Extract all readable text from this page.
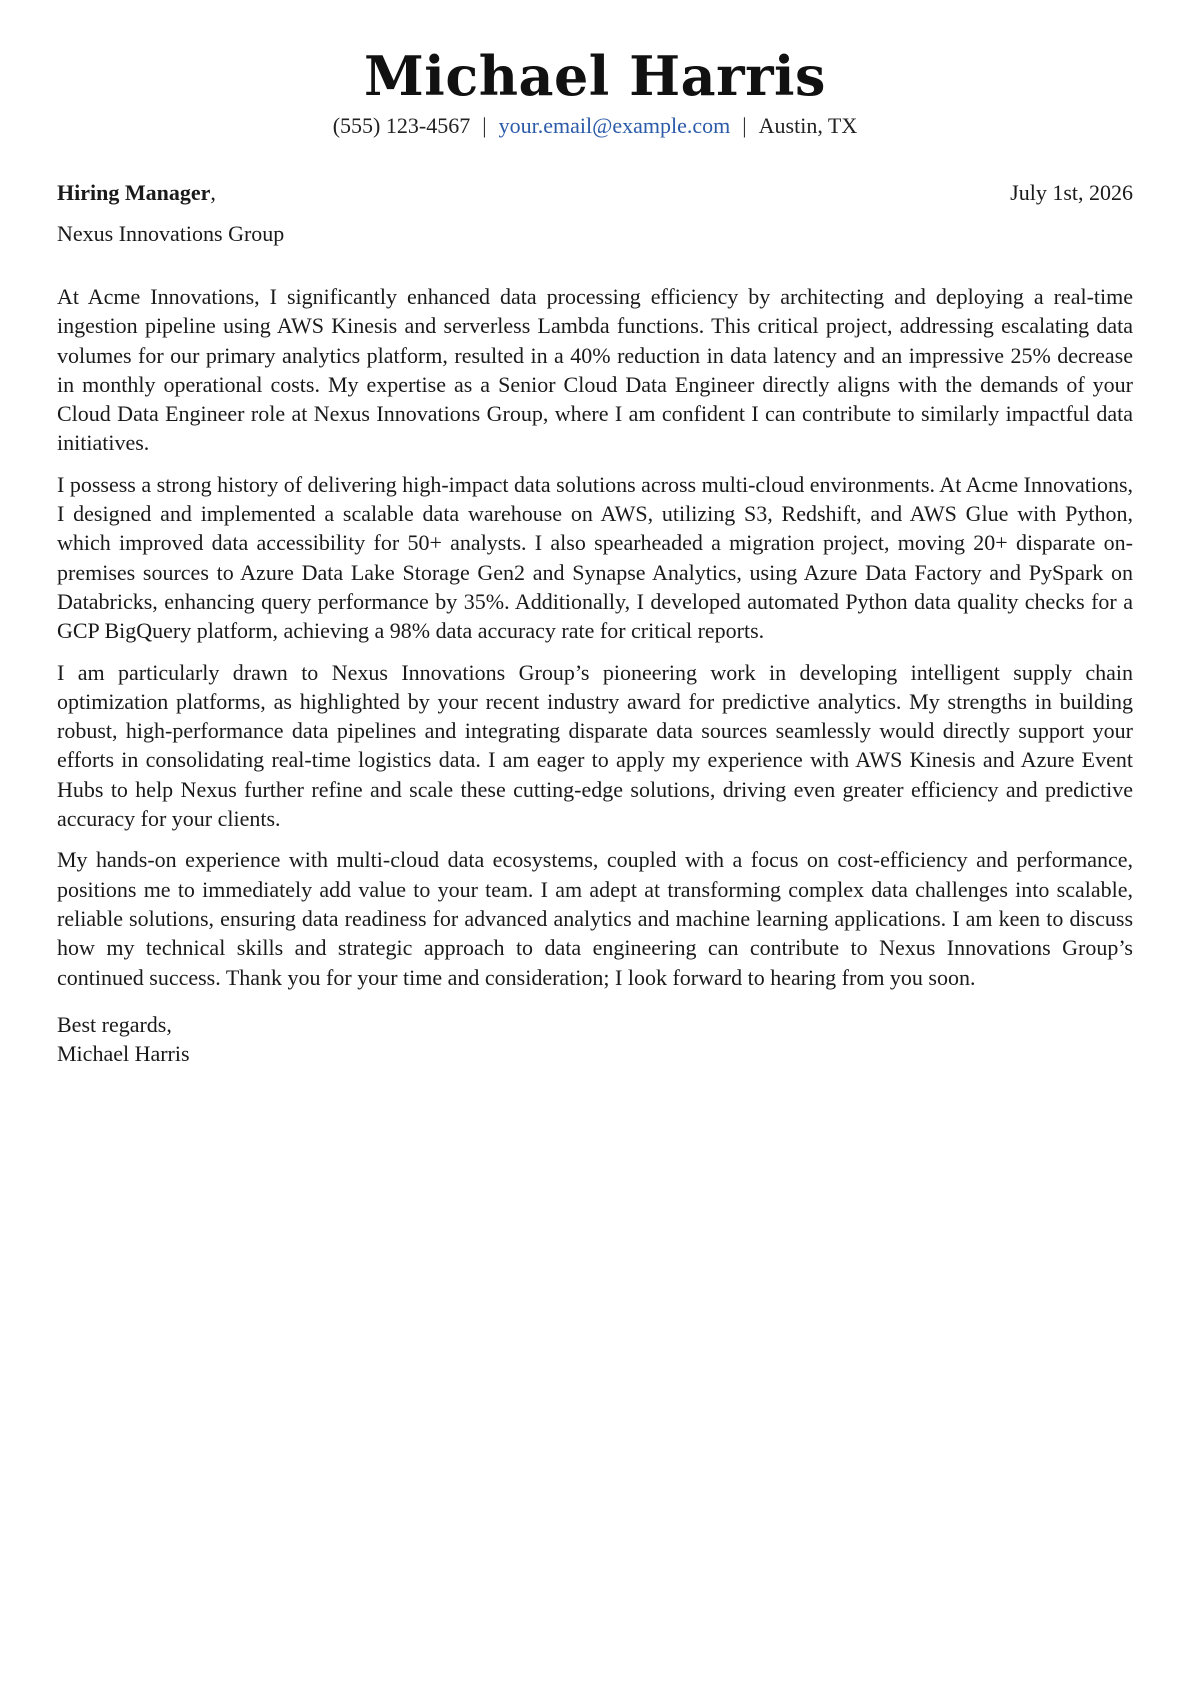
Michael Harris
(555) 123-4567 | your.email@example.com | Austin, TX
Hiring Manager,	July 1st, 2026
Nexus Innovations Group

At Acme Innovations, I significantly enhanced data processing efficiency by architecting and deploying a real-time ingestion pipeline using AWS Kinesis and serverless Lambda functions. This critical project, addressing escalating data volumes for our primary analytics platform, resulted in a 40% reduction in data latency and an impressive 25% decrease in monthly operational costs. My expertise as a Senior Cloud Data Engineer directly aligns with the demands of your Cloud Data Engineer role at Nexus Innovations Group, where I am confident I can contribute to similarly impactful data initiatives.

I possess a strong history of delivering high-impact data solutions across multi-cloud environments. At Acme Innovations, I designed and implemented a scalable data warehouse on AWS, utilizing S3, Redshift, and AWS Glue with Python, which improved data accessibility for 50+ analysts. I also spearheaded a migration project, moving 20+ disparate on-premises sources to Azure Data Lake Storage Gen2 and Synapse Analytics, using Azure Data Factory and PySpark on Databricks, enhancing query performance by 35%. Additionally, I developed automated Python data quality checks for a GCP BigQuery platform, achieving a 98% data accuracy rate for critical reports.

I am particularly drawn to Nexus Innovations Group’s pioneering work in developing intelligent supply chain optimization platforms, as highlighted by your recent industry award for predictive analytics. My strengths in building robust, high-performance data pipelines and integrating disparate data sources seamlessly would directly support your efforts in consolidating real-time logistics data. I am eager to apply my experience with AWS Kinesis and Azure Event Hubs to help Nexus further refine and scale these cutting-edge solutions, driving even greater efficiency and predictive accuracy for your clients.

My hands-on experience with multi-cloud data ecosystems, coupled with a focus on cost-efficiency and performance, positions me to immediately add value to your team. I am adept at transforming complex data challenges into scalable, reliable solutions, ensuring data readiness for advanced analytics and machine learning applications. I am keen to discuss how my technical skills and strategic approach to data engineering can contribute to Nexus Innovations Group’s continued success. Thank you for your time and consideration; I look forward to hearing from you soon.

Best regards,
Michael Harris
